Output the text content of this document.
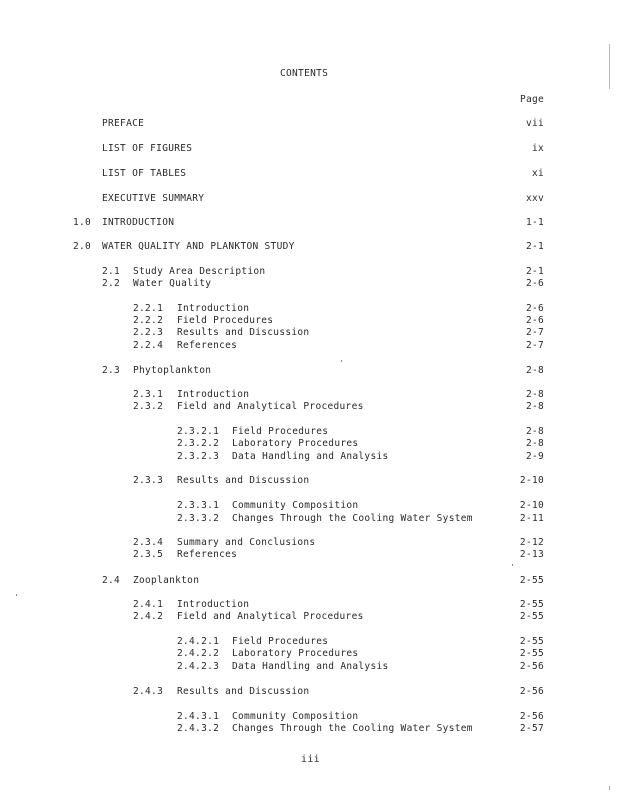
CONTENTS
Page
PREFACE	vii
LIST OF FIGURES	ix
LIST OF TABLES	xi
EXECUTIVE SUMMARY	xxv
1.0 INTRODUCTION	1-1
2.0 WATER QUALITY AND PLANKTON STUDY	2-1
2.1 Study Area Description	2-1
2.2 Water Quality	2-6
2.2.1 Introduction	2-6
2.2.2 Field Procedures	2-6
2.2.3 Results and Discussion	2-7
2.2.4 References	2-7
2.3 Phytoplankton	2-8
2.3.1 Introduction	2-8
2.3.2 Field and Analytical Procedures	2-8
2.3.2.1 Field Procedures	2-8
2.3.2.2 Laboratory Procedures	2-8
2.3.2.3 Data Handling and Analysis	2-9
2.3.3 Results and Discussion	2-10
2.3.3.1 Community Composition	2-10
2.3.3.2 Changes Through the Cooling Water System	2-11
2.3.4 Summary and Conclusions	2-12
2.3.5 References	2-13
2.4 Zooplankton	2-55
2.4.1 Introduction	2-55
2.4.2 Field and Analytical Procedures	2-55
2.4.2.1 Field Procedures	2-55
2.4.2.2 Laboratory Procedures	2-55
2.4.2.3 Data Handling and Analysis	2-56
2.4.3 Results and Discussion	2-56
2.4.3.1 Community Composition	2-56
2.4.3.2 Changes Through the Cooling Water System	2-57
iii
